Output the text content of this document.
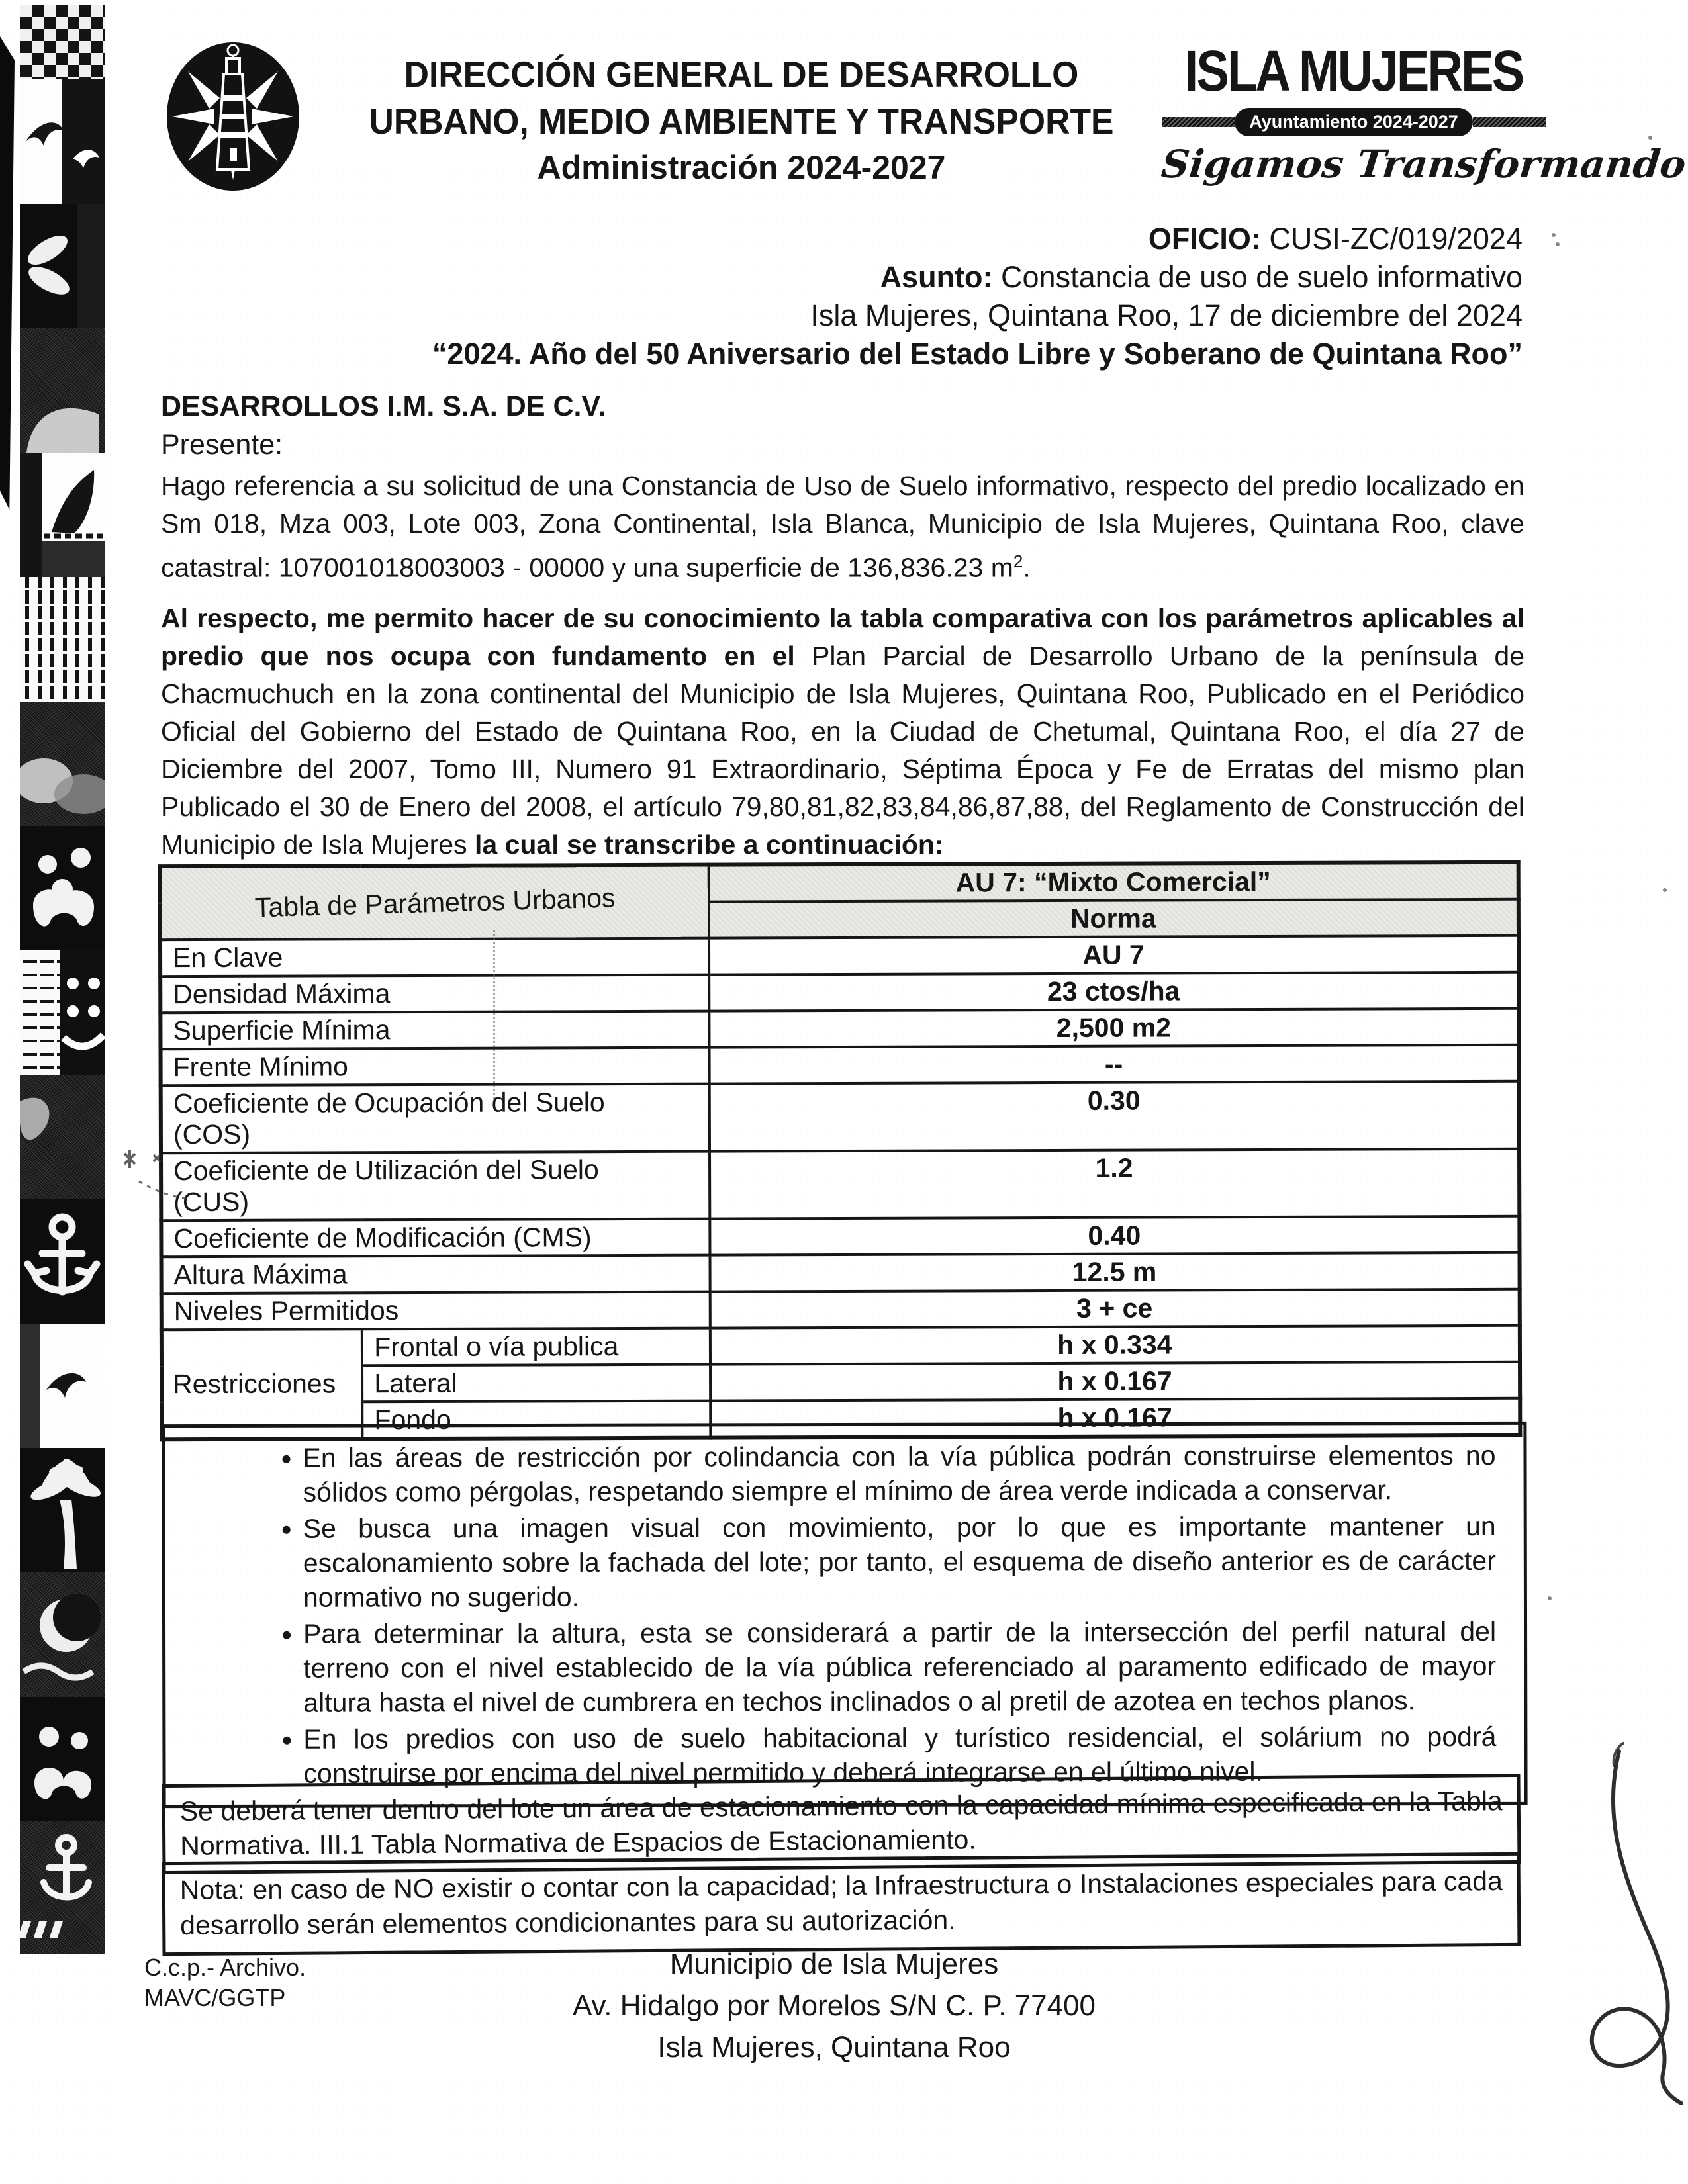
DIRECCIÓN GENERAL DE DESARROLLO
URBANO, MEDIO AMBIENTE Y TRANSPORTE
Administración 2024-2027
ISLA MUJERES
Ayuntamiento 2024-2027
Sigamos Transformando
OFICIO: CUSI-ZC/019/2024
Asunto: Constancia de uso de suelo informativo
Isla Mujeres, Quintana Roo, 17 de diciembre del 2024
“2024. Año del 50 Aniversario del Estado Libre y Soberano de Quintana Roo”
DESARROLLOS I.M. S.A. DE C.V.
Presente:
Hago referencia a su solicitud de una Constancia de Uso de Suelo informativo, respecto del predio localizado en Sm 018, Mza 003, Lote 003, Zona Continental, Isla Blanca, Municipio de Isla Mujeres, Quintana Roo, clave catastral: 107001018003003 - 00000 y una superficie de 136,836.23 $m^2$.
Al respecto, me permito hacer de su conocimiento la tabla comparativa con los parámetros aplicables al predio que nos ocupa con fundamento en el Plan Parcial de Desarrollo Urbano de la península de Chacmuchuch en la zona continental del Municipio de Isla Mujeres, Quintana Roo, Publicado en el Periódico Oficial del Gobierno del Estado de Quintana Roo, en la Ciudad de Chetumal, Quintana Roo, el día 27 de Diciembre del 2007, Tomo III, Numero 91 Extraordinario, Séptima Época y Fe de Erratas del mismo plan Publicado el 30 de Enero del 2008, el artículo 79,80,81,82,83,84,86,87,88, del Reglamento de Construcción del Municipio de Isla Mujeres la cual se transcribe a continuación:
Tabla de Parámetros Urbanos		AU 7: “Mixto Comercial”
		Norma
En Clave		AU 7
Densidad Máxima		23 ctos/ha
Superficie Mínima		2,500 m2
Frente Mínimo		--
Coeficiente de Ocupación del Suelo
(COS)		0.30
Coeficiente de Utilización del Suelo
(CUS)		1.2
Coeficiente de Modificación (CMS)		0.40
Altura Máxima		12.5 m
Niveles Permitidos		3 + ce
Restricciones	Frontal o vía publica	h x 0.334
	Lateral	h x 0.167
	Fondo	h x 0.167
• En las áreas de restricción por colindancia con la vía pública podrán construirse elementos no sólidos como pérgolas, respetando siempre el mínimo de área verde indicada a conservar.
• Se busca una imagen visual con movimiento, por lo que es importante mantener un escalonamiento sobre la fachada del lote; por tanto, el esquema de diseño anterior es de carácter normativo no sugerido.
• Para determinar la altura, esta se considerará a partir de la intersección del perfil natural del terreno con el nivel establecido de la vía pública referenciado al paramento edificado de mayor altura hasta el nivel de cumbrera en techos inclinados o al pretil de azotea en techos planos.
• En los predios con uso de suelo habitacional y turístico residencial, el solárium no podrá construirse por encima del nivel permitido y deberá integrarse en el último nivel.
Se deberá tener dentro del lote un área de estacionamiento con la capacidad mínima especificada en la Tabla Normativa. III.1 Tabla Normativa de Espacios de Estacionamiento.
Nota: en caso de NO existir o contar con la capacidad; la Infraestructura o Instalaciones especiales para cada desarrollo serán elementos condicionantes para su autorización.
C.c.p.- Archivo.
MAVC/GGTP
Municipio de Isla Mujeres
Av. Hidalgo por Morelos S/N C. P. 77400
Isla Mujeres, Quintana Roo
